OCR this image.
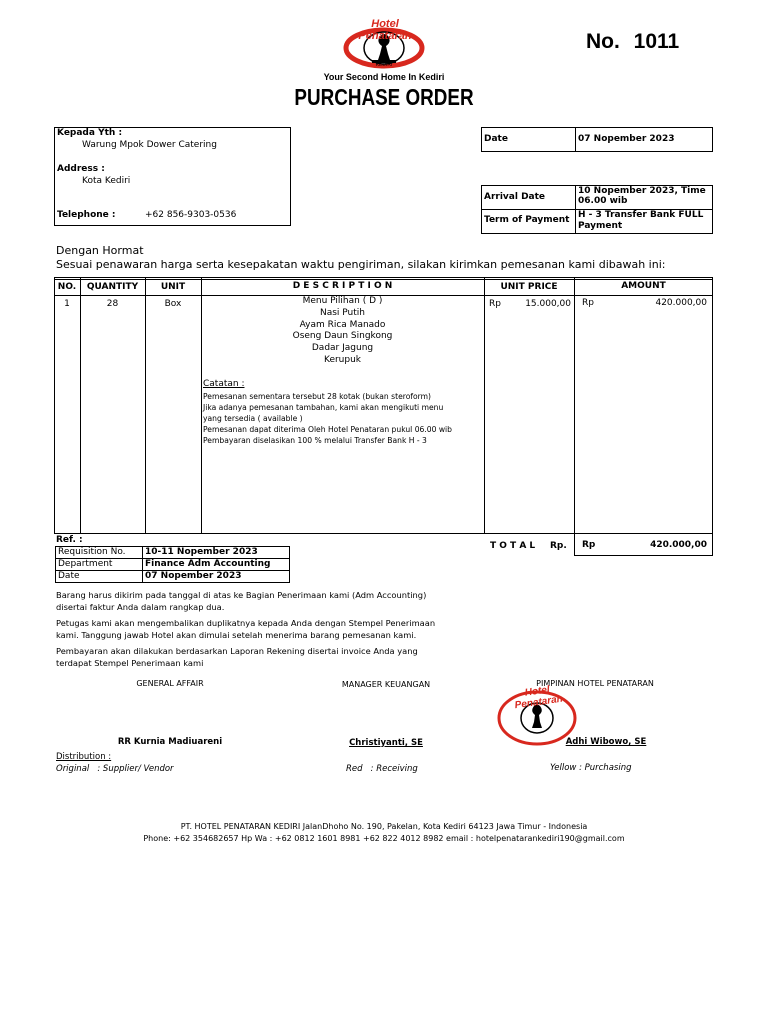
Hotel Penataran
KEDIRI
Your Second Home In Kediri
PURCHASE ORDER
No. 1011
Kepada Yth :
Warung Mpok Dower Catering
Address :
Kota Kediri
Telephone :	+62 856-9303-0536
Date	07 Nopember 2023
Arrival Date
10 Nopember 2023, Time
06.00 wib
Term of Payment H - 3 Transfer Bank FULL
Payment
Dengan Hormat
Sesuai penawaran harga serta kesepakatan waktu pengiriman, silakan kirimkan pemesanan kami dibawah ini:
NO.	QUANTITY	UNIT	D E S C R I P T I O N	UNIT PRICE	AMOUNT
1	28	Box	Menu Pilihan ( D )
Nasi Putih
Ayam Rica Manado
Oseng Daun Singkong
Dadar Jagung
Kerupuk
Catatan :
Pemesanan sementara tersebut 28 kotak (bukan steroform)
Jika adanya pemesanan tambahan, kami akan mengikuti menu
yang tersedia ( available )
Pemesanan dapat diterima Oleh Hotel Penataran pukul 06.00 wib
Pembayaran diselasikan 100 % melalui Transfer Bank H - 3
Rp	15.000,00 Rp	420.000,00
T O T A L Rp. Rp	420.000,00
Ref. :
Requisition No.	10-11 Nopember 2023
Department	Finance Adm Accounting
Date	07 Nopember 2023
Barang harus dikirim pada tanggal di atas ke Bagian Penerimaan kami (Adm Accounting)
disertai faktur Anda dalam rangkap dua.
Petugas kami akan mengembalikan duplikatnya kepada Anda dengan Stempel Penerimaan
kami. Tanggung jawab Hotel akan dimulai setelah menerima barang pemesanan kami.
Pembayaran akan dilakukan berdasarkan Laporan Rekening disertai invoice Anda yang
terdapat Stempel Penerimaan kami
GENERAL AFFAIR	MANAGER KEUANGAN	PIMPINAN HOTEL PENATARAN
Hotel Penataran
RR Kurnia Madiuareni	Christiyanti, SE	Adhi Wibowo, SE
Distribution :
Original   : Supplier/ Vendor	Red   : Receiving	Yellow : Purchasing
PT. HOTEL PENATARAN KEDIRI JalanDhoho No. 190, Pakelan, Kota Kediri 64123 Jawa Timur - Indonesia
Phone: +62 354682657 Hp Wa : +62 0812 1601 8981 +62 822 4012 8982 email : hotelpenatarankediri190@gmail.com
